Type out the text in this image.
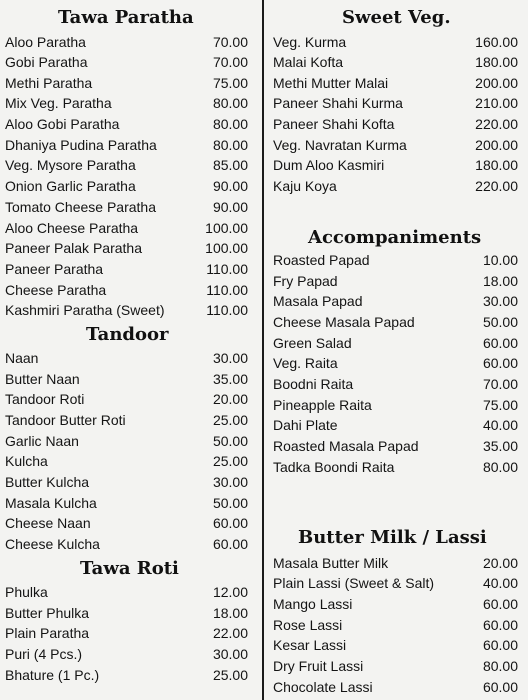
Tawa Paratha
Aloo Paratha	70.00
Gobi Paratha	70.00
Methi Paratha	75.00
Mix Veg. Paratha	80.00
Aloo Gobi Paratha	80.00
Dhaniya Pudina Paratha	80.00
Veg. Mysore Paratha	85.00
Onion Garlic Paratha	90.00
Tomato Cheese Paratha	90.00
Aloo Cheese Paratha	100.00
Paneer Palak Paratha	100.00
Paneer Paratha	110.00
Cheese Paratha	110.00
Kashmiri Paratha (Sweet)	110.00
Tandoor
Naan	30.00
Butter Naan	35.00
Tandoor Roti	20.00
Tandoor Butter Roti	25.00
Garlic Naan	50.00
Kulcha	25.00
Butter Kulcha	30.00
Masala Kulcha	50.00
Cheese Naan	60.00
Cheese Kulcha	60.00
Tawa Roti
Phulka	12.00
Butter Phulka	18.00
Plain Paratha	22.00
Puri (4 Pcs.)	30.00
Bhature (1 Pc.)	25.00
Sweet Veg.
Veg. Kurma	160.00
Malai Kofta	180.00
Methi Mutter Malai	200.00
Paneer Shahi Kurma	210.00
Paneer Shahi Kofta	220.00
Veg. Navratan Kurma	200.00
Dum Aloo Kasmiri	180.00
Kaju Koya	220.00
Accompaniments
Roasted Papad	10.00
Fry Papad	18.00
Masala Papad	30.00
Cheese Masala Papad	50.00
Green Salad	60.00
Veg. Raita	60.00
Boodni Raita	70.00
Pineapple Raita	75.00
Dahi Plate	40.00
Roasted Masala Papad	35.00
Tadka Boondi Raita	80.00
Butter Milk / Lassi
Masala Butter Milk	20.00
Plain Lassi (Sweet & Salt)	40.00
Mango Lassi	60.00
Rose Lassi	60.00
Kesar Lassi	60.00
Dry Fruit Lassi	80.00
Chocolate Lassi	60.00
